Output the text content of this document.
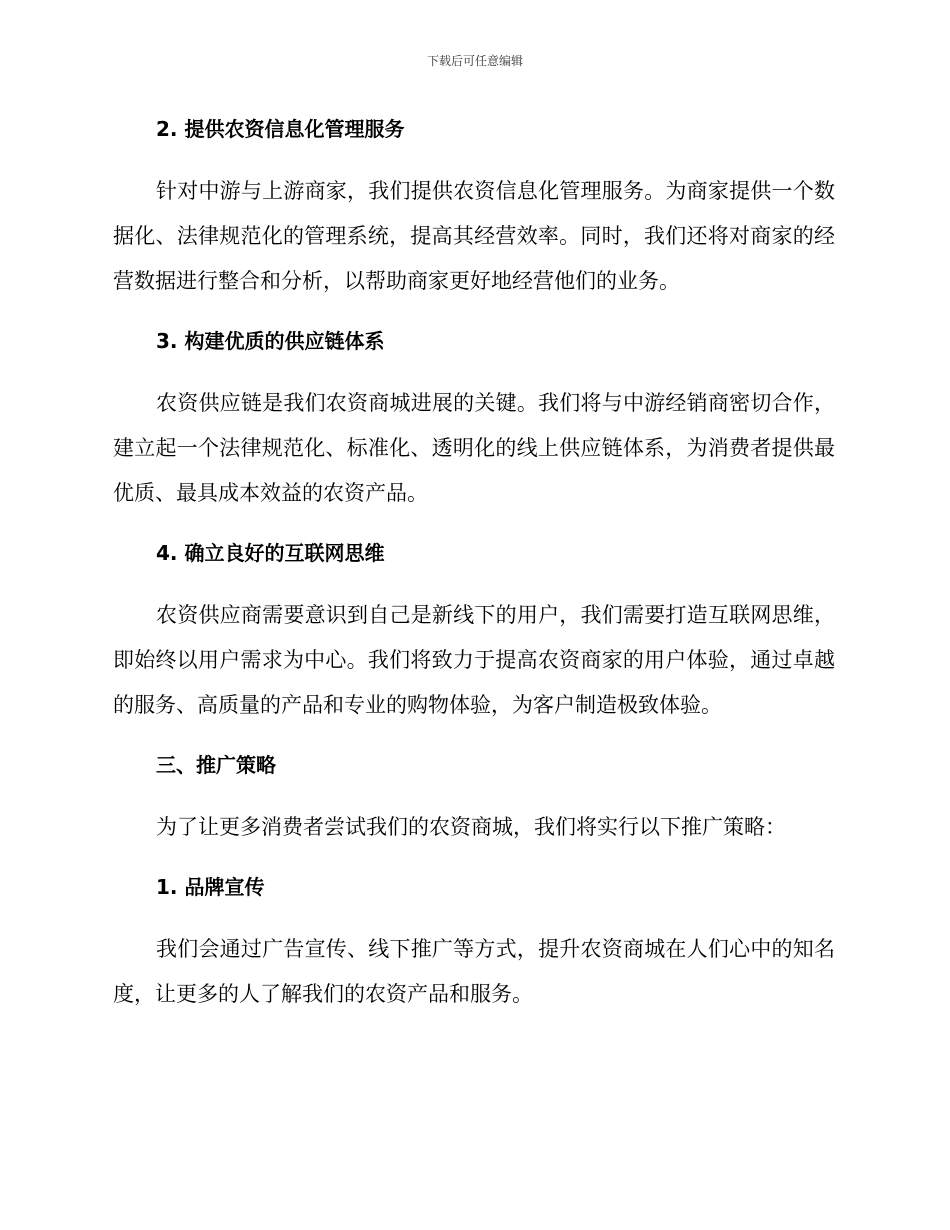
下载后可任意编辑
2. 提供农资信息化管理服务

针对中游与上游商家，我们提供农资信息化管理服务。为商家提供一个数据化、法律规范化的管理系统，提高其经营效率。同时，我们还将对商家的经营数据进行整合和分析，以帮助商家更好地经营他们的业务。

3. 构建优质的供应链体系

农资供应链是我们农资商城进展的关键。我们将与中游经销商密切合作，建立起一个法律规范化、标准化、透明化的线上供应链体系，为消费者提供最优质、最具成本效益的农资产品。

4. 确立良好的互联网思维

农资供应商需要意识到自己是新线下的用户，我们需要打造互联网思维，即始终以用户需求为中心。我们将致力于提高农资商家的用户体验，通过卓越的服务、高质量的产品和专业的购物体验，为客户制造极致体验。

三、推广策略

为了让更多消费者尝试我们的农资商城，我们将实行以下推广策略：

1. 品牌宣传

我们会通过广告宣传、线下推广等方式，提升农资商城在人们心中的知名度，让更多的人了解我们的农资产品和服务。
